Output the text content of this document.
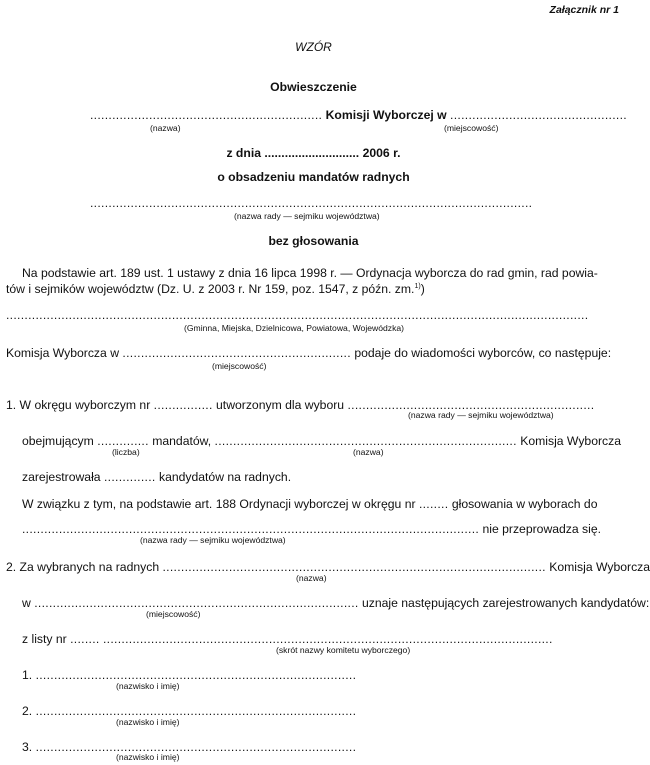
Załącznik nr 1
WZÓR
Obwieszczenie
............................................................... Komisji Wyborczej w ................................................
(nazwa)	(miejscowość)
z dnia ............................ 2006 r.
o obsadzeniu mandatów radnych
........................................................................................................................
(nazwa rady — sejmiku województwa)
bez głosowania
Na podstawie art. 189 ust. 1 ustawy z dnia 16 lipca 1998 r. — Ordynacja wyborcza do rad gmin, rad powia-
tów i sejmików województw (Dz. U. z 2003 r. Nr 159, poz. 1547, z późn. zm.$^{1)}$)
..............................................................................................................................................................
(Gminna, Miejska, Dzielnicowa, Powiatowa, Wojewódzka)
Komisja Wyborcza w .............................................................. podaje do wiadomości wyborców, co następuje:
(miejscowość)
1. W okręgu wyborczym nr ................ utworzonym dla wyboru ...................................................................
(nazwa rady — sejmiku województwa)
obejmującym .............. mandatów, .................................................................................. Komisja Wyborcza
(liczba)	(nazwa)
zarejestrowała .............. kandydatów na radnych.
W związku z tym, na podstawie art. 188 Ordynacji wyborczej w okręgu nr ........ głosowania w wyborach do
............................................................................................................................ nie przeprowadza się.
(nazwa rady — sejmiku województwa)
2. Za wybranych na radnych ........................................................................................................ Komisja Wyborcza
(nazwa)
w ........................................................................................ uznaje następujących zarejestrowanych kandydatów:
(miejscowość)
z listy nr ........ ..........................................................................................................................
(skrót nazwy komitetu wyborczego)
1. .......................................................................................
(nazwisko i imię)
2. .......................................................................................
(nazwisko i imię)
3. .......................................................................................
(nazwisko i imię)
